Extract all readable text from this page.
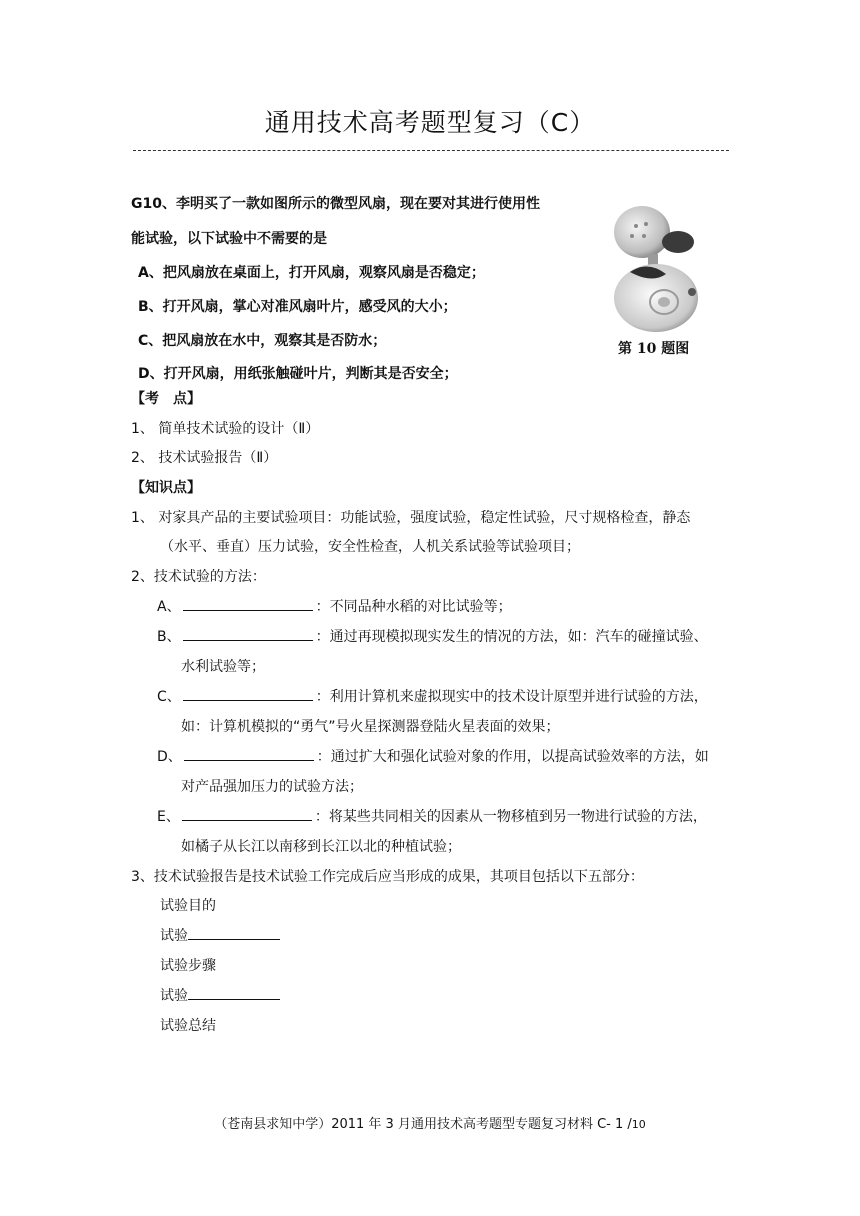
通用技术高考题型复习（C）
G10、李明买了一款如图所示的微型风扇，现在要对其进行使用性
能试验，以下试验中不需要的是
A、把风扇放在桌面上，打开风扇，观察风扇是否稳定；
B、打开风扇，掌心对准风扇叶片，感受风的大小；
C、把风扇放在水中，观察其是否防水；
D、打开风扇，用纸张触碰叶片，判断其是否安全；
第 10 题图
【考　点】
1、 简单技术试验的设计（Ⅱ）
2、 技术试验报告（Ⅱ）
【知识点】
1、 对家具产品的主要试验项目：功能试验，强度试验，稳定性试验，尺寸规格检查，静态
（水平、垂直）压力试验，安全性检查，人机关系试验等试验项目；
2、技术试验的方法：
A、	：不同品种水稻的对比试验等；
B、	：通过再现模拟现实发生的情况的方法，如：汽车的碰撞试验、
水利试验等；
C、	：利用计算机来虚拟现实中的技术设计原型并进行试验的方法，
如：计算机模拟的“勇气”号火星探测器登陆火星表面的效果；
D、	：通过扩大和强化试验对象的作用，以提高试验效率的方法，如
对产品强加压力的试验方法；
E、	：将某些共同相关的因素从一物移植到另一物进行试验的方法，
如橘子从长江以南移到长江以北的种植试验；
3、技术试验报告是技术试验工作完成后应当形成的成果，其项目包括以下五部分：
试验目的
试验
试验步骤
试验
试验总结
（苍南县求知中学）2011 年 3 月通用技术高考题型专题复习材料 C- 1 /10
